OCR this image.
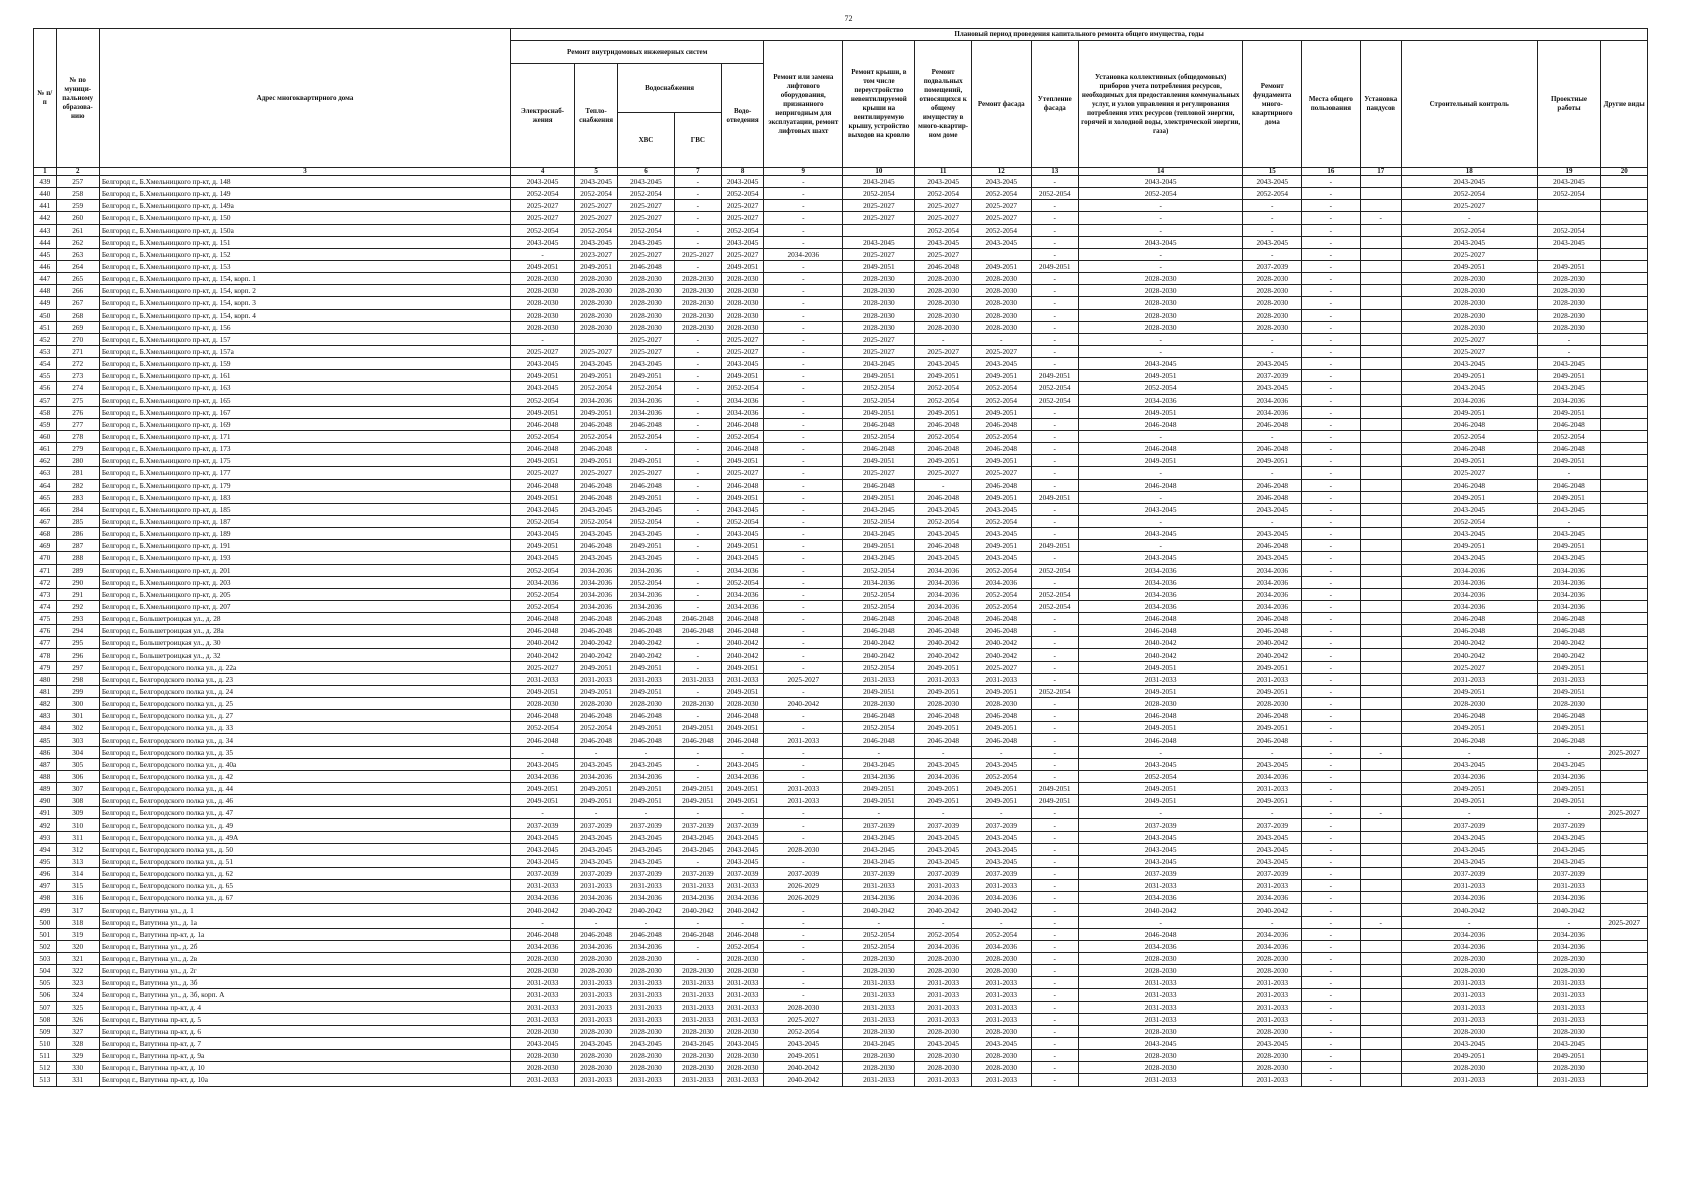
72
№ п/п	№ по муници-пальному образова-нию	Адрес многоквартирного дома	Плановый период проведения капитального ремонта общего имущества, годы																
			Ремонт внутридомовых инженерных систем					Ремонт или замена лифтового оборудования, признанного непригодным для эксплуатации, ремонт лифтовых шахт	Ремонт крыши, в том числе переустройство невентилируемой крыши на вентилируемую крышу, устройство выходов на кровлю	Ремонт подвальных помещений, относящихся к общему имуществу в много-квартир-ном доме	Ремонт фасада	Утепление фасада	Установка коллективных (общедомовых) приборов учета потребления ресурсов, необходимых для предоставления коммунальных услуг, и узлов управления и регулирования потребления этих ресурсов (тепловой энергии, горячей и холодной воды, электрической энергии, газа)	Ремонт фундамента много-квартирного дома	Места общего пользования	Установка пандусов	Строительный контроль	Проектные работы	Другие виды
			Электроснаб-жения	Тепло-снабжения	Водоснабжения		Водо-отведения												
					ХВС	ГВС													
1	2	3	4	5	6	7	8	9	10	11	12	13	14	15	16	17	18	19	20
439	257	Белгород г., Б.Хмельницкого пр-кт, д. 148	2043-2045	2043-2045	2043-2045	-	2043-2045	-	2043-2045	2043-2045	2043-2045	-	2043-2045	2043-2045	-		2043-2045	2043-2045	
440	258	Белгород г., Б.Хмельницкого пр-кт, д. 149	2052-2054	2052-2054	2052-2054	-	2052-2054	-	2052-2054	2052-2054	2052-2054	2052-2054	2052-2054	2052-2054	-		2052-2054	2052-2054	
441	259	Белгород г., Б.Хмельницкого пр-кт, д. 149а	2025-2027	2025-2027	2025-2027	-	2025-2027	-	2025-2027	2025-2027	2025-2027	-	-	-	-		2025-2027		
442	260	Белгород г., Б.Хмельницкого пр-кт, д. 150	2025-2027	2025-2027	2025-2027	-	2025-2027	-	2025-2027	2025-2027	2025-2027	-	-	-	-	-	-		
443	261	Белгород г., Б.Хмельницкого пр-кт, д. 150а	2052-2054	2052-2054	2052-2054	-	2052-2054	-		2052-2054	2052-2054	-	-	-	-		2052-2054	2052-2054	
444	262	Белгород г., Б.Хмельницкого пр-кт, д. 151	2043-2045	2043-2045	2043-2045	-	2043-2045	-	2043-2045	2043-2045	2043-2045	-	2043-2045	2043-2045	-		2043-2045	2043-2045	
445	263	Белгород г., Б.Хмельницкого пр-кт, д. 152	-	2023-2027	2025-2027	2025-2027	2025-2027	2034-2036	2025-2027	2025-2027		-	-	-	-		2025-2027		
446	264	Белгород г., Б.Хмельницкого пр-кт, д. 153	2049-2051	2049-2051	2046-2048	-	2049-2051	-	2049-2051	2046-2048	2049-2051	2049-2051	-	2037-2039	-		2049-2051	2049-2051	
447	265	Белгород г., Б.Хмельницкого пр-кт, д. 154, корп. 1	2028-2030	2028-2030	2028-2030	2028-2030	2028-2030	-	2028-2030	2028-2030	2028-2030	-	2028-2030	2028-2030	-		2028-2030	2028-2030	
448	266	Белгород г., Б.Хмельницкого пр-кт, д. 154, корп. 2	2028-2030	2028-2030	2028-2030	2028-2030	2028-2030	-	2028-2030	2028-2030	2028-2030	-	2028-2030	2028-2030	-		2028-2030	2028-2030	
449	267	Белгород г., Б.Хмельницкого пр-кт, д. 154, корп. 3	2028-2030	2028-2030	2028-2030	2028-2030	2028-2030	-	2028-2030	2028-2030	2028-2030	-	2028-2030	2028-2030	-		2028-2030	2028-2030	
450	268	Белгород г., Б.Хмельницкого пр-кт, д. 154, корп. 4	2028-2030	2028-2030	2028-2030	2028-2030	2028-2030	-	2028-2030	2028-2030	2028-2030	-	2028-2030	2028-2030	-		2028-2030	2028-2030	
451	269	Белгород г., Б.Хмельницкого пр-кт, д. 156	2028-2030	2028-2030	2028-2030	2028-2030	2028-2030	-	2028-2030	2028-2030	2028-2030	-	2028-2030	2028-2030	-		2028-2030	2028-2030	
452	270	Белгород г., Б.Хмельницкого пр-кт, д. 157	-		2025-2027	-	2025-2027	-	2025-2027	-	-	-	-	-	-		2025-2027	-	
453	271	Белгород г., Б.Хмельницкого пр-кт, д. 157а	2025-2027	2025-2027	2025-2027	-	2025-2027	-	2025-2027	2025-2027	2025-2027	-	-	-	-		2025-2027	-	
454	272	Белгород г., Б.Хмельницкого пр-кт, д. 159	2043-2045	2043-2045	2043-2045	-	2043-2045	-	2043-2045	2043-2045	2043-2045	-	2043-2045	2043-2045	-		2043-2045	2043-2045	
455	273	Белгород г., Б.Хмельницкого пр-кт, д. 161	2049-2051	2049-2051	2049-2051	-	2049-2051	-	2049-2051	2049-2051	2049-2051	2049-2051	2049-2051	2037-2039	-		2049-2051	2049-2051	
456	274	Белгород г., Б.Хмельницкого пр-кт, д. 163	2043-2045	2052-2054	2052-2054	-	2052-2054	-	2052-2054	2052-2054	2052-2054	2052-2054	2052-2054	2043-2045	-		2043-2045	2043-2045	
457	275	Белгород г., Б.Хмельницкого пр-кт, д. 165	2052-2054	2034-2036	2034-2036	-	2034-2036	-	2052-2054	2052-2054	2052-2054	2052-2054	2034-2036	2034-2036	-		2034-2036	2034-2036	
458	276	Белгород г., Б.Хмельницкого пр-кт, д. 167	2049-2051	2049-2051	2034-2036	-	2034-2036	-	2049-2051	2049-2051	2049-2051	-	2049-2051	2034-2036	-		2049-2051	2049-2051	
459	277	Белгород г., Б.Хмельницкого пр-кт, д. 169	2046-2048	2046-2048	2046-2048	-	2046-2048	-	2046-2048	2046-2048	2046-2048	-	2046-2048	2046-2048	-		2046-2048	2046-2048	
460	278	Белгород г., Б.Хмельницкого пр-кт, д. 171	2052-2054	2052-2054	2052-2054	-	2052-2054	-	2052-2054	2052-2054	2052-2054	-	-	-	-		2052-2054	2052-2054	
461	279	Белгород г., Б.Хмельницкого пр-кт, д. 173	2046-2048	2046-2048	-	-	2046-2048	-	2046-2048	2046-2048	2046-2048	-	2046-2048	2046-2048	-		2046-2048	2046-2048	
462	280	Белгород г., Б.Хмельницкого пр-кт, д. 175	2049-2051	2049-2051	2049-2051	-	2049-2051	-	2049-2051	2049-2051	2049-2051	-	2049-2051	2049-2051	-		2049-2051	2049-2051	
463	281	Белгород г., Б.Хмельницкого пр-кт, д. 177	2025-2027	2025-2027	2025-2027	-	2025-2027	-	2025-2027	2025-2027	2025-2027	-	-	-	-		2025-2027	-	
464	282	Белгород г., Б.Хмельницкого пр-кт, д. 179	2046-2048	2046-2048	2046-2048	-	2046-2048	-	2046-2048	-	2046-2048	-	2046-2048	2046-2048	-		2046-2048	2046-2048	
465	283	Белгород г., Б.Хмельницкого пр-кт, д. 183	2049-2051	2046-2048	2049-2051	-	2049-2051	-	2049-2051	2046-2048	2049-2051	2049-2051	-	2046-2048	-		2049-2051	2049-2051	
466	284	Белгород г., Б.Хмельницкого пр-кт, д. 185	2043-2045	2043-2045	2043-2045	-	2043-2045	-	2043-2045	2043-2045	2043-2045	-	2043-2045	2043-2045	-		2043-2045	2043-2045	
467	285	Белгород г., Б.Хмельницкого пр-кт, д. 187	2052-2054	2052-2054	2052-2054	-	2052-2054	-	2052-2054	2052-2054	2052-2054	-	-	-	-		2052-2054	-	
468	286	Белгород г., Б.Хмельницкого пр-кт, д. 189	2043-2045	2043-2045	2043-2045	-	2043-2045	-	2043-2045	2043-2045	2043-2045	-	2043-2045	2043-2045	-		2043-2045	2043-2045	
469	287	Белгород г., Б.Хмельницкого пр-кт, д. 191	2049-2051	2046-2048	2049-2051	-	2049-2051	-	2049-2051	2046-2048	2049-2051	2049-2051	-	2046-2048	-		2049-2051	2049-2051	
470	288	Белгород г., Б.Хмельницкого пр-кт, д. 193	2043-2045	2043-2045	2043-2045	-	2043-2045	-	2043-2045	2043-2045	2043-2045	-	2043-2045	2043-2045	-		2043-2045	2043-2045	
471	289	Белгород г., Б.Хмельницкого пр-кт, д. 201	2052-2054	2034-2036	2034-2036	-	2034-2036	-	2052-2054	2034-2036	2052-2054	2052-2054	2034-2036	2034-2036	-		2034-2036	2034-2036	
472	290	Белгород г., Б.Хмельницкого пр-кт, д. 203	2034-2036	2034-2036	2052-2054	-	2052-2054	-	2034-2036	2034-2036	2034-2036	-	2034-2036	2034-2036	-		2034-2036	2034-2036	
473	291	Белгород г., Б.Хмельницкого пр-кт, д. 205	2052-2054	2034-2036	2034-2036	-	2034-2036	-	2052-2054	2034-2036	2052-2054	2052-2054	2034-2036	2034-2036	-		2034-2036	2034-2036	
474	292	Белгород г., Б.Хмельницкого пр-кт, д. 207	2052-2054	2034-2036	2034-2036	-	2034-2036	-	2052-2054	2034-2036	2052-2054	2052-2054	2034-2036	2034-2036	-		2034-2036	2034-2036	
475	293	Белгород г., Большетроицкая ул., д. 28	2046-2048	2046-2048	2046-2048	2046-2048	2046-2048	-	2046-2048	2046-2048	2046-2048	-	2046-2048	2046-2048	-		2046-2048	2046-2048	
476	294	Белгород г., Большетроицкая ул., д. 28а	2046-2048	2046-2048	2046-2048	2046-2048	2046-2048	-	2046-2048	2046-2048	2046-2048	-	2046-2048	2046-2048	-		2046-2048	2046-2048	
477	295	Белгород г., Большетроицкая ул., д. 30	2040-2042	2040-2042	2040-2042	-	2040-2042	-	2040-2042	2040-2042	2040-2042	-	2040-2042	2040-2042	-		2040-2042	2040-2042	
478	296	Белгород г., Большетроицкая ул., д. 32	2040-2042	2040-2042	2040-2042	-	2040-2042	-	2040-2042	2040-2042	2040-2042	-	2040-2042	2040-2042	-		2040-2042	2040-2042	
479	297	Белгород г., Белгородского полка ул., д. 22а	2025-2027	2049-2051	2049-2051	-	2049-2051	-	2052-2054	2049-2051	2025-2027	-	2049-2051	2049-2051	-		2025-2027	2049-2051	
480	298	Белгород г., Белгородского полка ул., д. 23	2031-2033	2031-2033	2031-2033	2031-2033	2031-2033	2025-2027	2031-2033	2031-2033	2031-2033	-	2031-2033	2031-2033	-		2031-2033	2031-2033	
481	299	Белгород г., Белгородского полка ул., д. 24	2049-2051	2049-2051	2049-2051	-	2049-2051	-	2049-2051	2049-2051	2049-2051	2052-2054	2049-2051	2049-2051	-		2049-2051	2049-2051	
482	300	Белгород г., Белгородского полка ул., д. 25	2028-2030	2028-2030	2028-2030	2028-2030	2028-2030	2040-2042	2028-2030	2028-2030	2028-2030	-	2028-2030	2028-2030	-		2028-2030	2028-2030	
483	301	Белгород г., Белгородского полка ул., д. 27	2046-2048	2046-2048	2046-2048	-	2046-2048	-	2046-2048	2046-2048	2046-2048	-	2046-2048	2046-2048	-		2046-2048	2046-2048	
484	302	Белгород г., Белгородского полка ул., д. 33	2052-2054	2052-2054	2049-2051	2049-2051	2049-2051	-	2052-2054	2049-2051	2049-2051	-	2049-2051	2049-2051	-		2049-2051	2049-2051	
485	303	Белгород г., Белгородского полка ул., д. 34	2046-2048	2046-2048	2046-2048	2046-2048	2046-2048	2031-2033	2046-2048	2046-2048	2046-2048	-	2046-2048	2046-2048	-		2046-2048	2046-2048	
486	304	Белгород г., Белгородского полка ул., д. 35	-	-	-	-	-	-	-	-	-	-	-	-	-	-	-	-	2025-2027
487	305	Белгород г., Белгородского полка ул., д. 40а	2043-2045	2043-2045	2043-2045	-	2043-2045	-	2043-2045	2043-2045	2043-2045	-	2043-2045	2043-2045	-		2043-2045	2043-2045	
488	306	Белгород г., Белгородского полка ул., д. 42	2034-2036	2034-2036	2034-2036	-	2034-2036	-	2034-2036	2034-2036	2052-2054	-	2052-2054	2034-2036	-		2034-2036	2034-2036	
489	307	Белгород г., Белгородского полка ул., д. 44	2049-2051	2049-2051	2049-2051	2049-2051	2049-2051	2031-2033	2049-2051	2049-2051	2049-2051	2049-2051	2049-2051	2031-2033	-		2049-2051	2049-2051	
490	308	Белгород г., Белгородского полка ул., д. 46	2049-2051	2049-2051	2049-2051	2049-2051	2049-2051	2031-2033	2049-2051	2049-2051	2049-2051	2049-2051	2049-2051	2049-2051	-		2049-2051	2049-2051	
491	309	Белгород г., Белгородского полка ул., д. 47	-	-	-	-	-	-	-	-	-	-	-	-	-	-	-	-	2025-2027
492	310	Белгород г., Белгородского полка ул., д. 49	2037-2039	2037-2039	2037-2039	2037-2039	2037-2039	-	2037-2039	2037-2039	2037-2039	-	2037-2039	2037-2039	-		2037-2039	2037-2039	
493	311	Белгород г., Белгородского полка ул., д. 49А	2043-2045	2043-2045	2043-2045	2043-2045	2043-2045	-	2043-2045	2043-2045	2043-2045	-	2043-2045	2043-2045	-		2043-2045	2043-2045	
494	312	Белгород г., Белгородского полка ул., д. 50	2043-2045	2043-2045	2043-2045	2043-2045	2043-2045	2028-2030	2043-2045	2043-2045	2043-2045	-	2043-2045	2043-2045	-		2043-2045	2043-2045	
495	313	Белгород г., Белгородского полка ул., д. 51	2043-2045	2043-2045	2043-2045	-	2043-2045	-	2043-2045	2043-2045	2043-2045	-	2043-2045	2043-2045	-		2043-2045	2043-2045	
496	314	Белгород г., Белгородского полка ул., д. 62	2037-2039	2037-2039	2037-2039	2037-2039	2037-2039	2037-2039	2037-2039	2037-2039	2037-2039	-	2037-2039	2037-2039	-		2037-2039	2037-2039	
497	315	Белгород г., Белгородского полка ул., д. 65	2031-2033	2031-2033	2031-2033	2031-2033	2031-2033	2026-2029	2031-2033	2031-2033	2031-2033	-	2031-2033	2031-2033	-		2031-2033	2031-2033	
498	316	Белгород г., Белгородского полка ул., д. 67	2034-2036	2034-2036	2034-2036	2034-2036	2034-2036	2026-2029	2034-2036	2034-2036	2034-2036	-	2034-2036	2034-2036	-		2034-2036	2034-2036	
499	317	Белгород г., Ватутина ул., д. 1	2040-2042	2040-2042	2040-2042	2040-2042	2040-2042	-	2040-2042	2040-2042	2040-2042	-	2040-2042	2040-2042	-		2040-2042	2040-2042	
500	318	Белгород г., Ватутина ул., д. 1а	-	-	-	-	-	-	-	-	-	-	-	-	-	-	-	-	2025-2027
501	319	Белгород г., Ватутина пр-кт, д. 1а	2046-2048	2046-2048	2046-2048	2046-2048	2046-2048	-	2052-2054	2052-2054	2052-2054	-	2046-2048	2034-2036	-		2034-2036	2034-2036	
502	320	Белгород г., Ватутина ул., д. 2б	2034-2036	2034-2036	2034-2036	-	2052-2054	-	2052-2054	2034-2036	2034-2036	-	2034-2036	2034-2036	-		2034-2036	2034-2036	
503	321	Белгород г., Ватутина ул., д. 2в	2028-2030	2028-2030	2028-2030	-	2028-2030	-	2028-2030	2028-2030	2028-2030	-	2028-2030	2028-2030	-		2028-2030	2028-2030	
504	322	Белгород г., Ватутина ул., д. 2г	2028-2030	2028-2030	2028-2030	2028-2030	2028-2030	-	2028-2030	2028-2030	2028-2030	-	2028-2030	2028-2030	-		2028-2030	2028-2030	
505	323	Белгород г., Ватутина ул., д. 3б	2031-2033	2031-2033	2031-2033	2031-2033	2031-2033	-	2031-2033	2031-2033	2031-2033	-	2031-2033	2031-2033	-		2031-2033	2031-2033	
506	324	Белгород г., Ватутина ул., д. 3б, корп. А	2031-2033	2031-2033	2031-2033	2031-2033	2031-2033	-	2031-2033	2031-2033	2031-2033	-	2031-2033	2031-2033	-		2031-2033	2031-2033	
507	325	Белгород г., Ватутина пр-кт, д. 4	2031-2033	2031-2033	2031-2033	2031-2033	2031-2033	2028-2030	2031-2033	2031-2033	2031-2033	-	2031-2033	2031-2033	-		2031-2033	2031-2033	
508	326	Белгород г., Ватутина пр-кт, д. 5	2031-2033	2031-2033	2031-2033	2031-2033	2031-2033	2025-2027	2031-2033	2031-2033	2031-2033	-	2031-2033	2031-2033	-		2031-2033	2031-2033	
509	327	Белгород г., Ватутина пр-кт, д. 6	2028-2030	2028-2030	2028-2030	2028-2030	2028-2030	2052-2054	2028-2030	2028-2030	2028-2030	-	2028-2030	2028-2030	-		2028-2030	2028-2030	
510	328	Белгород г., Ватутина пр-кт, д. 7	2043-2045	2043-2045	2043-2045	2043-2045	2043-2045	2043-2045	2043-2045	2043-2045	2043-2045	-	2043-2045	2043-2045	-		2043-2045	2043-2045	
511	329	Белгород г., Ватутина пр-кт, д. 9а	2028-2030	2028-2030	2028-2030	2028-2030	2028-2030	2049-2051	2028-2030	2028-2030	2028-2030	-	2028-2030	2028-2030	-		2049-2051	2049-2051	
512	330	Белгород г., Ватутина пр-кт, д. 10	2028-2030	2028-2030	2028-2030	2028-2030	2028-2030	2040-2042	2028-2030	2028-2030	2028-2030	-	2028-2030	2028-2030	-		2028-2030	2028-2030	
513	331	Белгород г., Ватутина пр-кт, д. 10а	2031-2033	2031-2033	2031-2033	2031-2033	2031-2033	2040-2042	2031-2033	2031-2033	2031-2033	-	2031-2033	2031-2033	-		2031-2033	2031-2033	
